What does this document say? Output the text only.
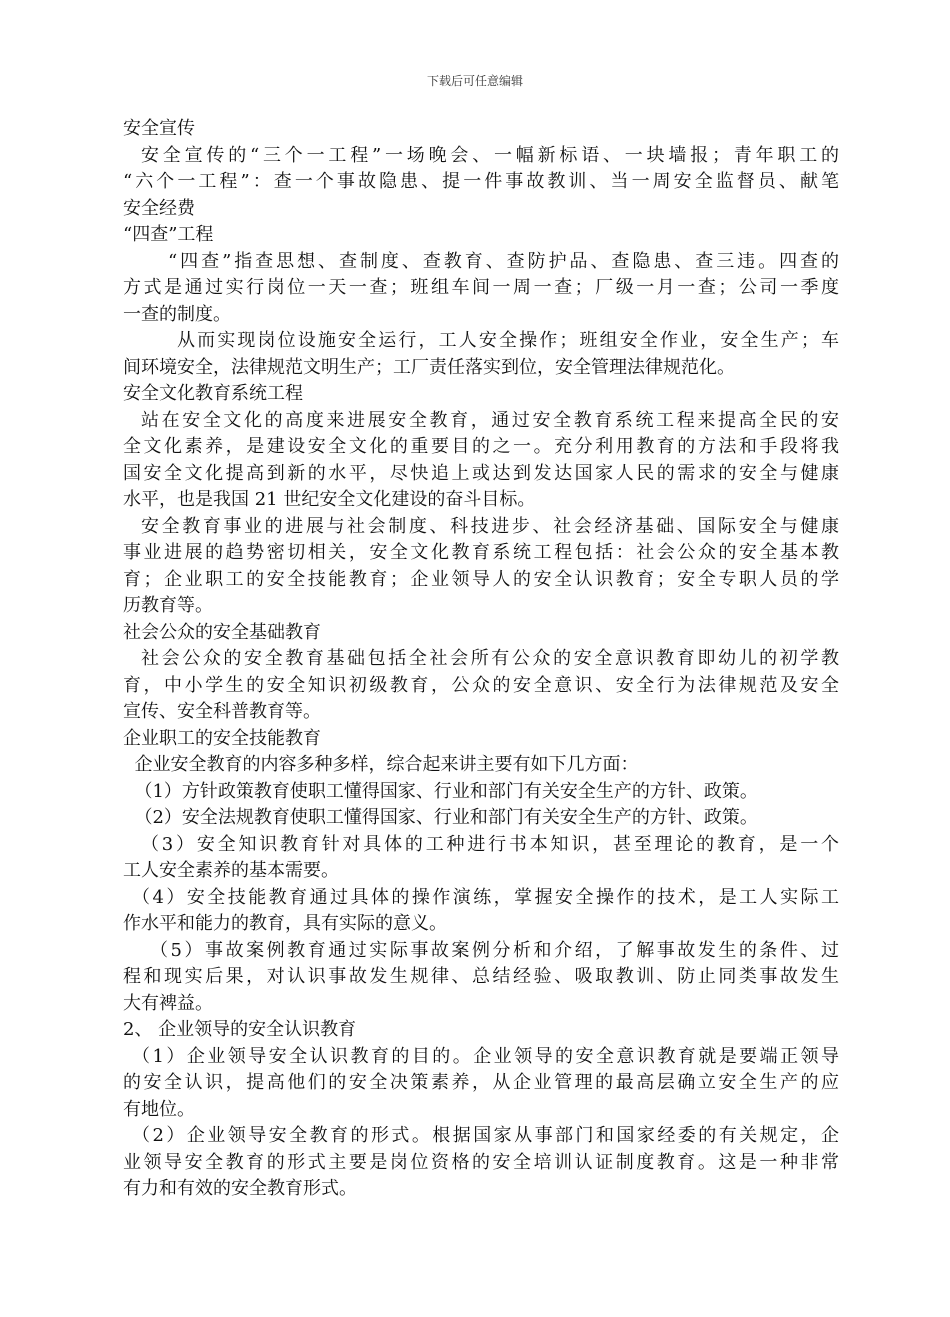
下载后可任意编辑
安全宣传
安全宣传的“三个一工程”一场晚会、一幅新标语、一块墙报；青年职工的
“六个一工程”：查一个事故隐患、提一件事故教训、当一周安全监督员、献笔
安全经费
“四查”工程
“四查”指查思想、查制度、查教育、查防护品、查隐患、查三违。四查的
方式是通过实行岗位一天一查；班组车间一周一查；厂级一月一查；公司一季度
一查的制度。
从而实现岗位设施安全运行，工人安全操作；班组安全作业，安全生产；车
间环境安全，法律规范文明生产；工厂责任落实到位，安全管理法律规范化。
安全文化教育系统工程
站在安全文化的高度来进展安全教育，通过安全教育系统工程来提高全民的安
全文化素养，是建设安全文化的重要目的之一。充分利用教育的方法和手段将我
国安全文化提高到新的水平，尽快追上或达到发达国家人民的需求的安全与健康
水平，也是我国 21 世纪安全文化建设的奋斗目标。
安全教育事业的进展与社会制度、科技进步、社会经济基础、国际安全与健康
事业进展的趋势密切相关，安全文化教育系统工程包括：社会公众的安全基本教
育；企业职工的安全技能教育；企业领导人的安全认识教育；安全专职人员的学
历教育等。
社会公众的安全基础教育
社会公众的安全教育基础包括全社会所有公众的安全意识教育即幼儿的初学教
育，中小学生的安全知识初级教育，公众的安全意识、安全行为法律规范及安全
宣传、安全科普教育等。
企业职工的安全技能教育
企业安全教育的内容多种多样，综合起来讲主要有如下几方面：
（1）方针政策教育使职工懂得国家、行业和部门有关安全生产的方针、政策。
（2）安全法规教育使职工懂得国家、行业和部门有关安全生产的方针、政策。
（3）安全知识教育针对具体的工种进行书本知识，甚至理论的教育，是一个
工人安全素养的基本需要。
（4）安全技能教育通过具体的操作演练，掌握安全操作的技术，是工人实际工
作水平和能力的教育，具有实际的意义。
（5）事故案例教育通过实际事故案例分析和介绍，了解事故发生的条件、过
程和现实后果，对认识事故发生规律、总结经验、吸取教训、防止同类事故发生
大有裨益。
2、 企业领导的安全认识教育
（1）企业领导安全认识教育的目的。企业领导的安全意识教育就是要端正领导
的安全认识，提高他们的安全决策素养，从企业管理的最高层确立安全生产的应
有地位。
（2）企业领导安全教育的形式。根据国家从事部门和国家经委的有关规定，企
业领导安全教育的形式主要是岗位资格的安全培训认证制度教育。这是一种非常
有力和有效的安全教育形式。
